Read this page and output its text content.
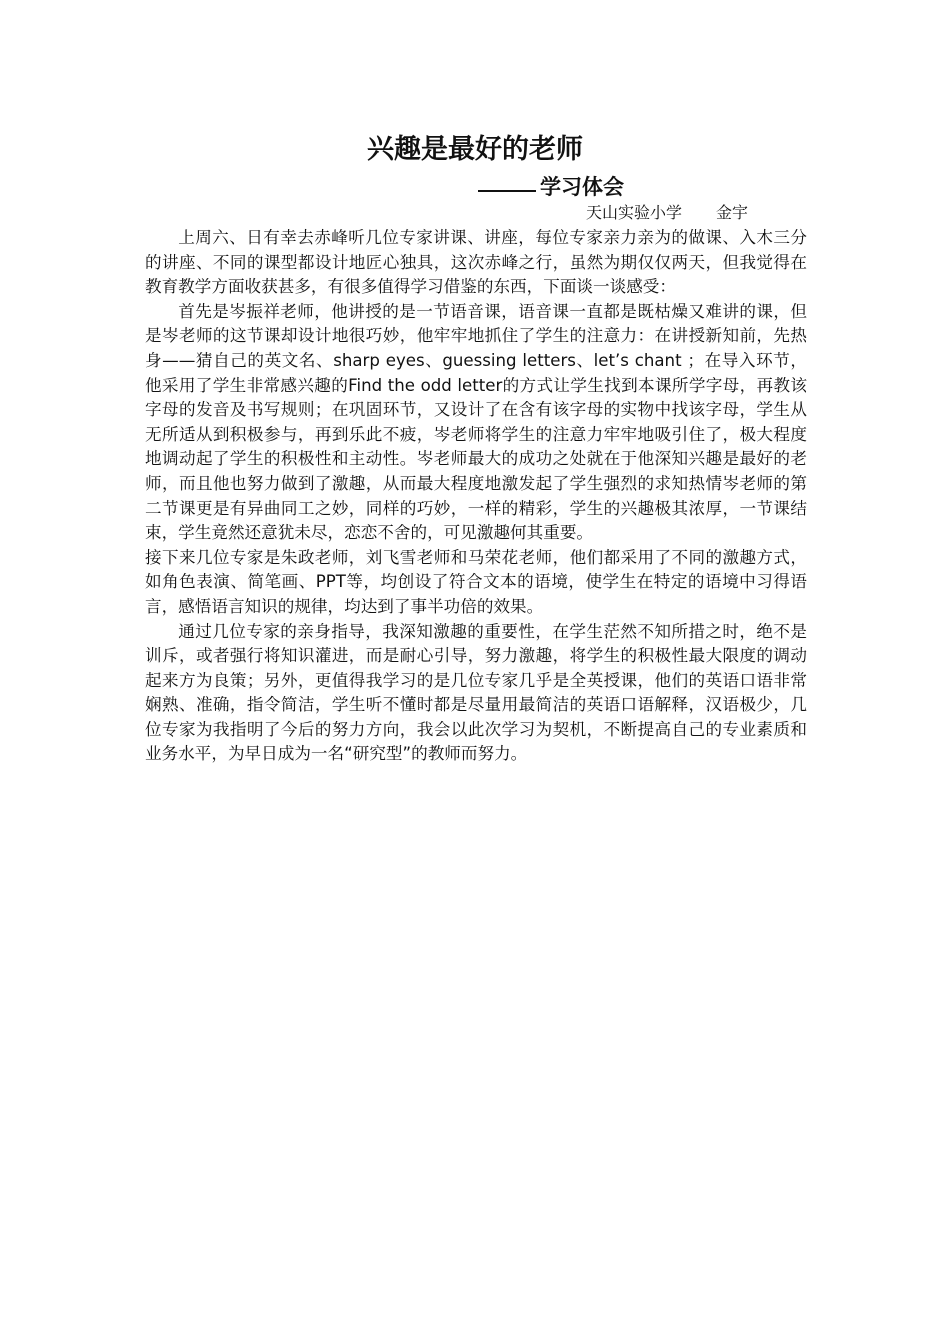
兴趣是最好的老师
学习体会
天山实验小学 金宇

上周六、日有幸去赤峰听几位专家讲课、讲座，每位专家亲力亲为的做课、入木三分的讲座、不同的课型都设计地匠心独具，这次赤峰之行，虽然为期仅仅两天，但我觉得在教育教学方面收获甚多，有很多值得学习借鉴的东西，下面谈一谈感受：

首先是岑振祥老师，他讲授的是一节语音课，语音课一直都是既枯燥又难讲的课，但是岑老师的这节课却设计地很巧妙，他牢牢地抓住了学生的注意力：在讲授新知前，先热身——猜自己的英文名、sharp eyes、guessing letters、let’s chant ；在导入环节，他采用了学生非常感兴趣的Find the odd letter的方式让学生找到本课所学字母，再教该字母的发音及书写规则；在巩固环节，又设计了在含有该字母的实物中找该字母，学生从无所适从到积极参与，再到乐此不疲，岑老师将学生的注意力牢牢地吸引住了，极大程度地调动起了学生的积极性和主动性。岑老师最大的成功之处就在于他深知兴趣是最好的老师，而且他也努力做到了激趣，从而最大程度地激发起了学生强烈的求知热情岑老师的第二节课更是有异曲同工之妙，同样的巧妙，一样的精彩，学生的兴趣极其浓厚，一节课结束，学生竟然还意犹未尽，恋恋不舍的，可见激趣何其重要。

接下来几位专家是朱政老师，刘飞雪老师和马荣花老师，他们都采用了不同的激趣方式，如角色表演、简笔画、PPT等，均创设了符合文本的语境，使学生在特定的语境中习得语言，感悟语言知识的规律，均达到了事半功倍的效果。

通过几位专家的亲身指导，我深知激趣的重要性，在学生茫然不知所措之时，绝不是训斥，或者强行将知识灌进，而是耐心引导，努力激趣，将学生的积极性最大限度的调动起来方为良策；另外，更值得我学习的是几位专家几乎是全英授课，他们的英语口语非常娴熟、准确，指令简洁，学生听不懂时都是尽量用最简洁的英语口语解释，汉语极少，几位专家为我指明了今后的努力方向，我会以此次学习为契机，不断提高自己的专业素质和业务水平，为早日成为一名“研究型”的教师而努力。
